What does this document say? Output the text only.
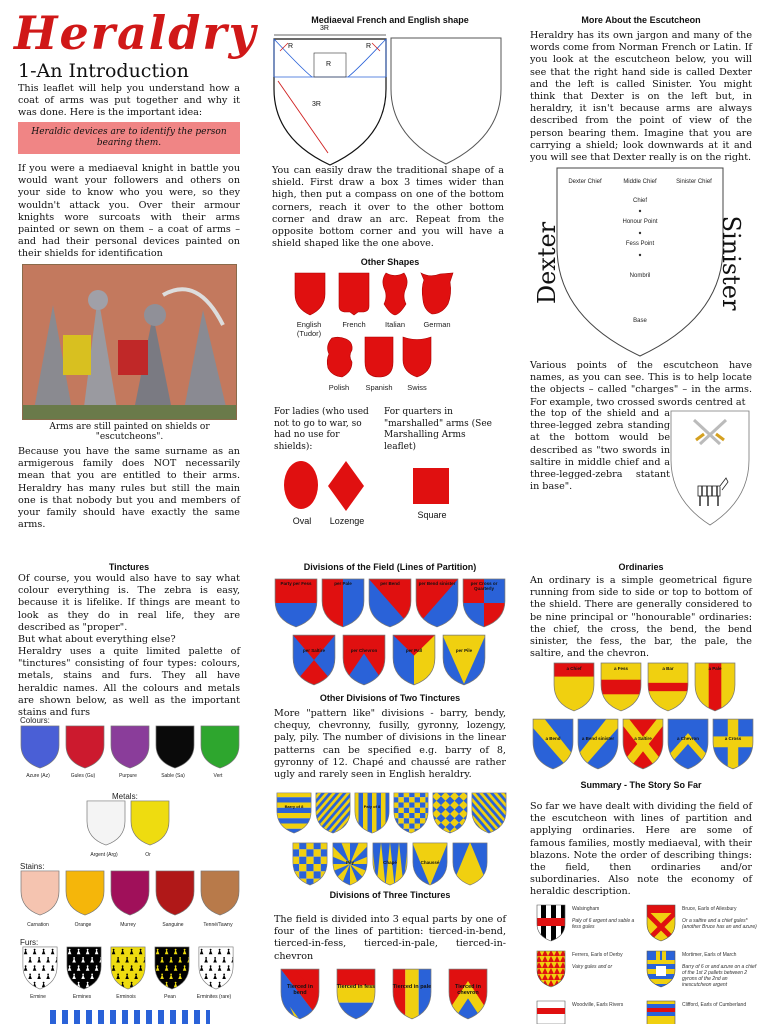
Heraldry
1-An Introduction
This leaflet will help you understand how a coat of arms was put together and why it was done. Here is the important idea:
Heraldic devices are to identify the person bearing them.
If you were a mediaeval knight in battle you would want your followers and others on your side to know who you were, so they wouldn't attack you. Over their armour knights wore surcoats with their arms painted or sewn on them – a coat of arms – and had their personal devices painted on their shields for identification
Arms are still painted on shields or "escutcheons".
Because you have the same surname as an armigerous family does NOT necessarily mean that you are entitled to their arms. Heraldry has many rules but still the main one is that nobody but you and members of your family should have exactly the same arms.
Mediaeval French and English shape
3R
R	R
R
3R
You can easily draw the traditional shape of a shield. First draw a box 3 times wider than high, then put a compass on one of the bottom corners, reach it over to the other bottom corner and draw an arc. Repeat from the opposite bottom corner and you will have a shield shaped like the one above.
Other Shapes
English (Tudor)
French	Italian	German
Polish	Spanish	Swiss
For ladies (who used not to go to war, so had no use for shields):
For quarters in "marshalled" arms (See Marshalling Arms leaflet)
Oval	Lozenge
Square
More About the Escutcheon
Heraldry has its own jargon and many of the words come from Norman French or Latin. If you look at the escutcheon below, you will see that the right hand side is called Dexter and the left is called Sinister. You might think that Dexter is on the left but, in heraldry, it isn't because arms are always described from the point of view of the person bearing them. Imagine that you are carrying a shield; look downwards at it and you will see that Dexter really is on the right.
Dexter	Sinister
Dexter Chief	Middle Chief	Sinister Chief
Chief
Honour Point
Fess Point
Nombril
Base
Various points of the escutcheon have names, as you can see. This is to help locate the objects – called "charges" – in the arms. For example, two crossed swords centred at
the top of the shield and a three-legged zebra standing at the bottom would be described as "two swords in saltire in middle chief and a three-legged-zebra statant in base".
Tinctures
Of course, you would also have to say what colour everything is. The zebra is easy, because it is lifelike. If things are meant to look as they do in real life, they are described as "proper".
But what about everything else?
Heraldry uses a quite limited palette of "tinctures" consisting of four types: colours, metals, stains and furs. They all have heraldic names. All the colours and metals are shown below, as well as the important stains and furs
Colours:
Azure (Az)	Gules (Gu)	Purpure	Sable (Sa)	Vert
Metals:
Argent (Arg)	Or
Stains:
Carnation	Orange	Murrey	Sanguine	Tenné/Tawny
Furs:
Ermine	Ermines	Erminois	Pean	Erminites (rare)
Divisions of the Field (Lines of Partition)
Party per Fess	per Pale	per Bend	per Bend sinister	per Cross or Quarterly
per Saltire	per Chevron	per Pall	per Pile
Other Divisions of Two Tinctures
More "pattern like" divisions - barry, bendy, chequy, chevronny, fusilly, gyronny, lozengy, paly, pily. The number of divisions in the linear patterns can be specified e.g. barry of 8, gyronny of 12. Chapé and chaussé are rather ugly and rarely seen in English heraldry.
Barry of 8	Paly of 8
Pily	Chapé	Chaussé
Divisions of Three Tinctures
The field is divided into 3 equal parts by one of four of the lines of partition: tierced-in-bend, tierced-in-fess, tierced-in-pale, tierced-in-chevron
Tierced in bend
Tierced in fess	Tierced in pale	Tierced in chevron
Ordinaries
An ordinary is a simple geometrical figure running from side to side or top to bottom of the shield. There are generally considered to be nine principal or "honourable" ordinaries: the chief, the cross, the bend, the bend sinister, the fess, the bar, the pale, the saltire, and the chevron.
a Chief	a Fess	a Bar	a Pale
a Bend	a Bend sinister	a Saltire	a Chevron	a Cross
Summary - The Story So Far
So far we have dealt with dividing the field of the escutcheon with lines of partition and applying ordinaries. Here are some of famous families, mostly mediaeval, with their blazons. Note the order of describing things: the field, then ordinaries and/or subordinaries. Also note the economy of heraldic description.
Walsingham
Paly of 6 argent and sable a fess gules
Bruce, Earls of Ailesbury
Or a saltire and a chief gules* (another Bruce has an and azure)
Ferrers, Earls of Derby
Vairy gules and or
Mortimer, Earls of March
Barry of 6 or and azure on a chief of the 1st 2 pallets between 2 gyrons of the 2nd an inescutcheon argent
Woodville, Earls Rivers	Clifford, Earls of Cumberland
